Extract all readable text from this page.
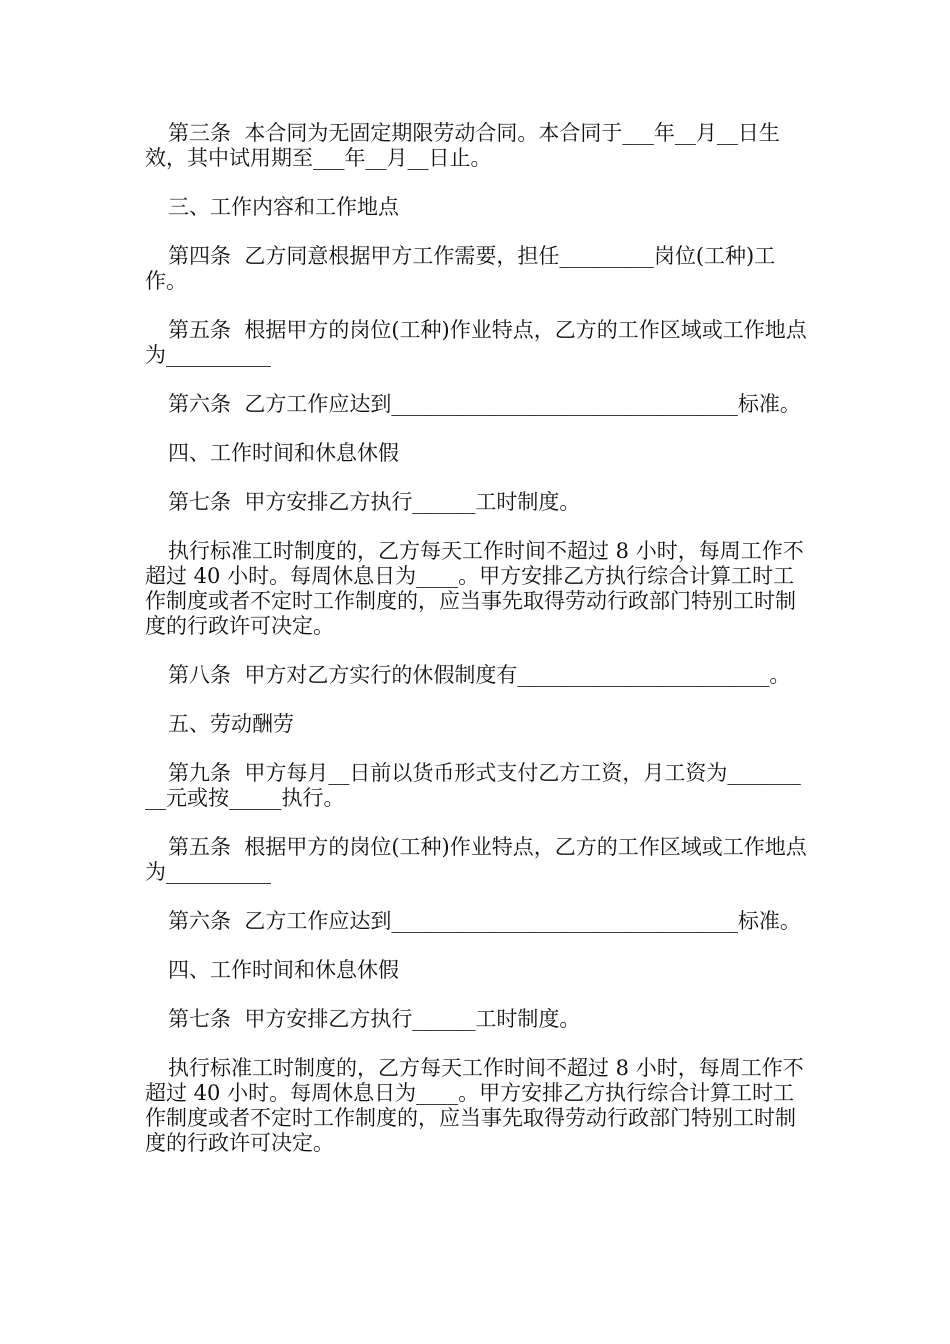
第三条  本合同为无固定期限劳动合同。本合同于___年__月__日生效，其中试用期至___年__月__日止。

三、工作内容和工作地点

第四条  乙方同意根据甲方工作需要，担任_________岗位(工种)工作。

第五条  根据甲方的岗位(工种)作业特点，乙方的工作区域或工作地点为__________

第六条  乙方工作应达到_________________________________标准。

四、工作时间和休息休假

第七条  甲方安排乙方执行______工时制度。

执行标准工时制度的，乙方每天工作时间不超过 8 小时，每周工作不超过 40 小时。每周休息日为____。甲方安排乙方执行综合计算工时工作制度或者不定时工作制度的，应当事先取得劳动行政部门特别工时制度的行政许可决定。

第八条  甲方对乙方实行的休假制度有________________________。

五、劳动酬劳

第九条  甲方每月__日前以货币形式支付乙方工资，月工资为_________元或按_____执行。

第五条  根据甲方的岗位(工种)作业特点，乙方的工作区域或工作地点为__________

第六条  乙方工作应达到_________________________________标准。

四、工作时间和休息休假

第七条  甲方安排乙方执行______工时制度。

执行标准工时制度的，乙方每天工作时间不超过 8 小时，每周工作不超过 40 小时。每周休息日为____。甲方安排乙方执行综合计算工时工作制度或者不定时工作制度的，应当事先取得劳动行政部门特别工时制度的行政许可决定。
